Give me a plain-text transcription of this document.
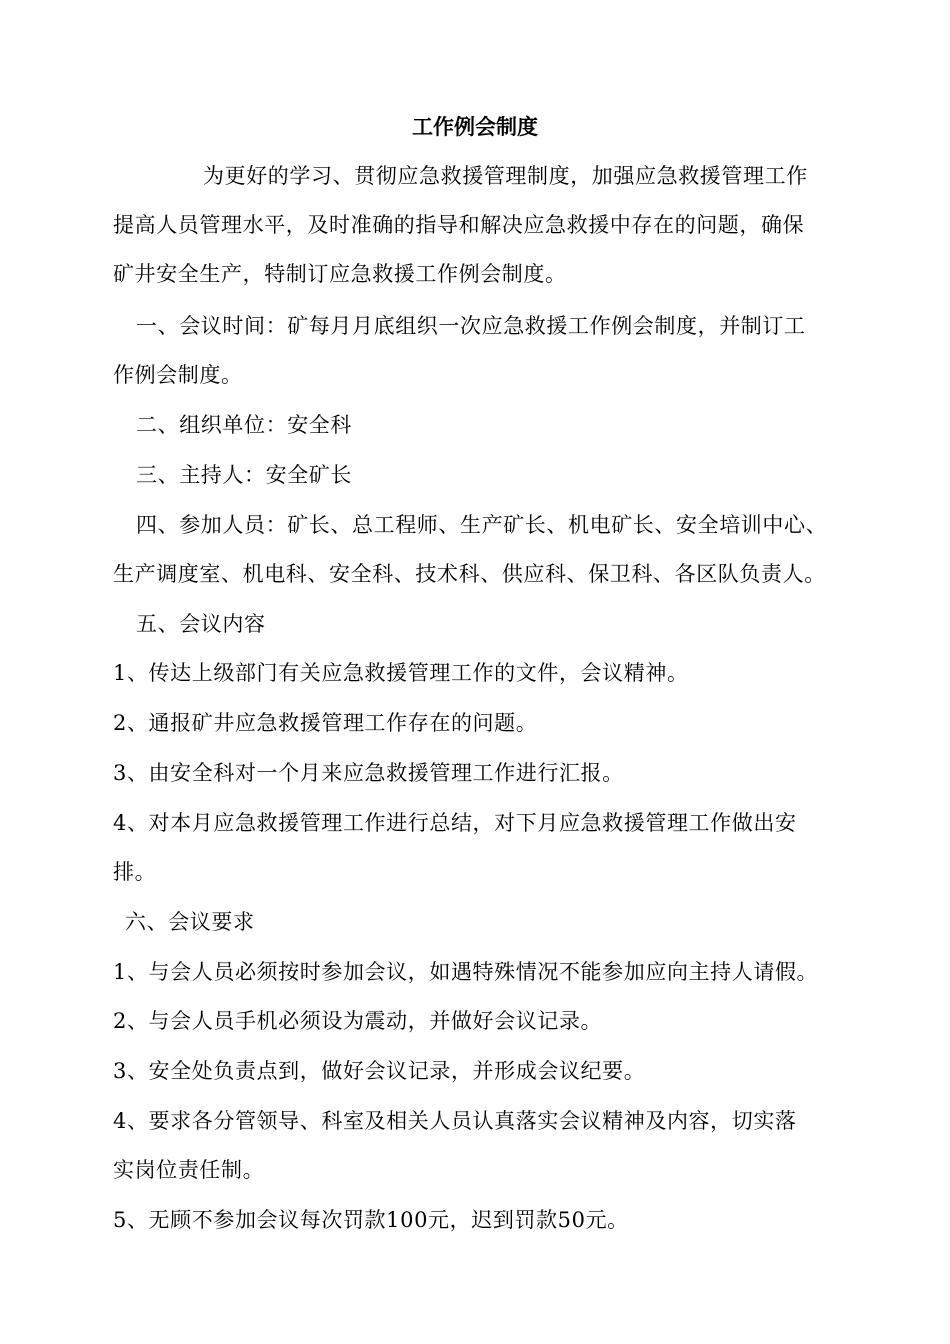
工作例会制度

为更好的学习、贯彻应急救援管理制度，加强应急救援管理工作

提高人员管理水平，及时准确的指导和解决应急救援中存在的问题，确保

矿井安全生产，特制订应急救援工作例会制度。

一、会议时间：矿每月月底组织一次应急救援工作例会制度，并制订工

作例会制度。

二、组织单位：安全科

三、主持人：安全矿长

四、参加人员：矿长、总工程师、生产矿长、机电矿长、安全培训中心、

生产调度室、机电科、安全科、技术科、供应科、保卫科、各区队负责人。

五、会议内容

1、传达上级部门有关应急救援管理工作的文件，会议精神。

2、通报矿井应急救援管理工作存在的问题。

3、由安全科对一个月来应急救援管理工作进行汇报。

4、对本月应急救援管理工作进行总结，对下月应急救援管理工作做出安

排。

六、会议要求

1、与会人员必须按时参加会议，如遇特殊情况不能参加应向主持人请假。

2、与会人员手机必须设为震动，并做好会议记录。

3、安全处负责点到，做好会议记录，并形成会议纪要。

4、要求各分管领导、科室及相关人员认真落实会议精神及内容，切实落

实岗位责任制。

5、无顾不参加会议每次罚款100元，迟到罚款50元。
